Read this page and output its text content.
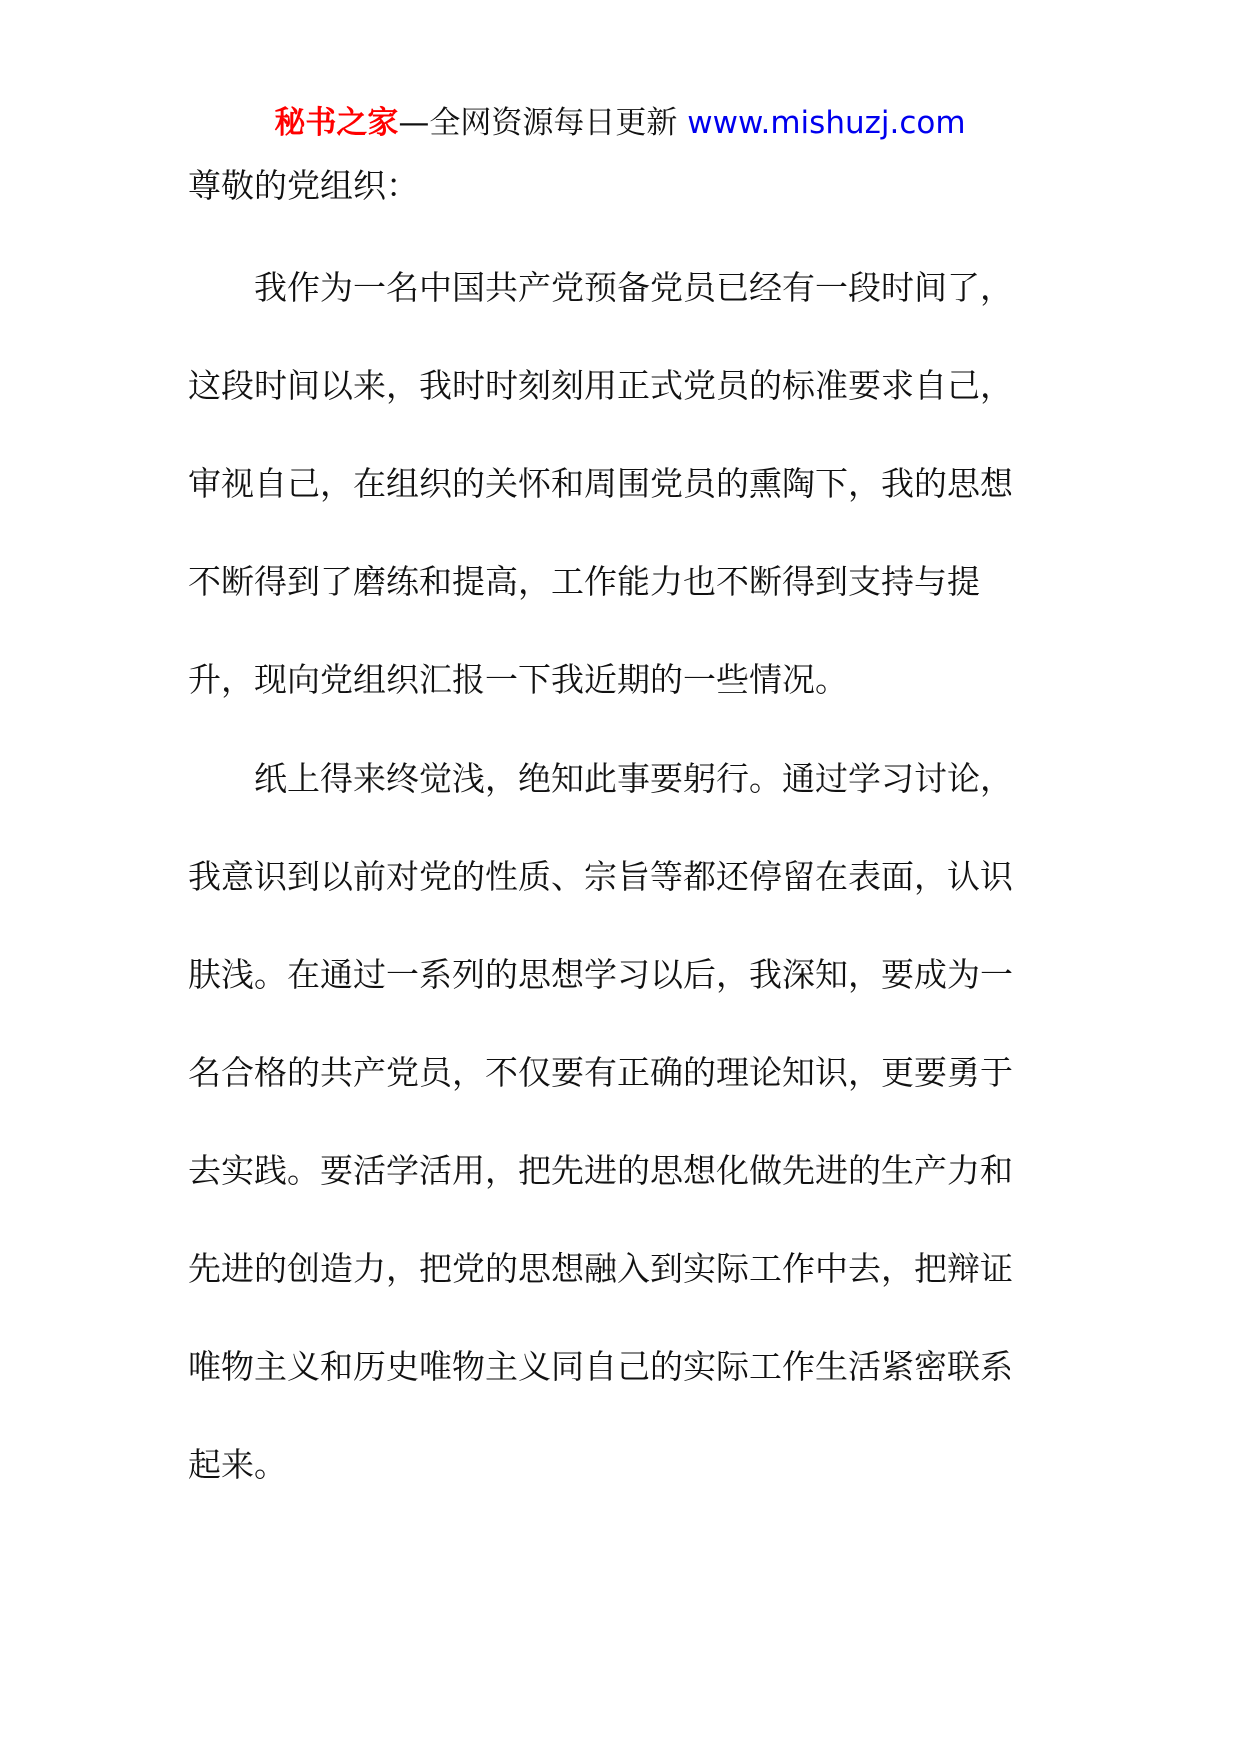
秘书之家—全网资源每日更新 www.mishuzj.com
尊敬的党组织：
我作为一名中国共产党预备党员已经有一段时间了，
这段时间以来，我时时刻刻用正式党员的标准要求自己，
审视自己，在组织的关怀和周围党员的熏陶下，我的思想
不断得到了磨练和提高，工作能力也不断得到支持与提
升，现向党组织汇报一下我近期的一些情况。
纸上得来终觉浅，绝知此事要躬行。通过学习讨论，
我意识到以前对党的性质、宗旨等都还停留在表面，认识
肤浅。在通过一系列的思想学习以后，我深知，要成为一
名合格的共产党员，不仅要有正确的理论知识，更要勇于
去实践。要活学活用，把先进的思想化做先进的生产力和
先进的创造力，把党的思想融入到实际工作中去，把辩证
唯物主义和历史唯物主义同自己的实际工作生活紧密联系
起来。
